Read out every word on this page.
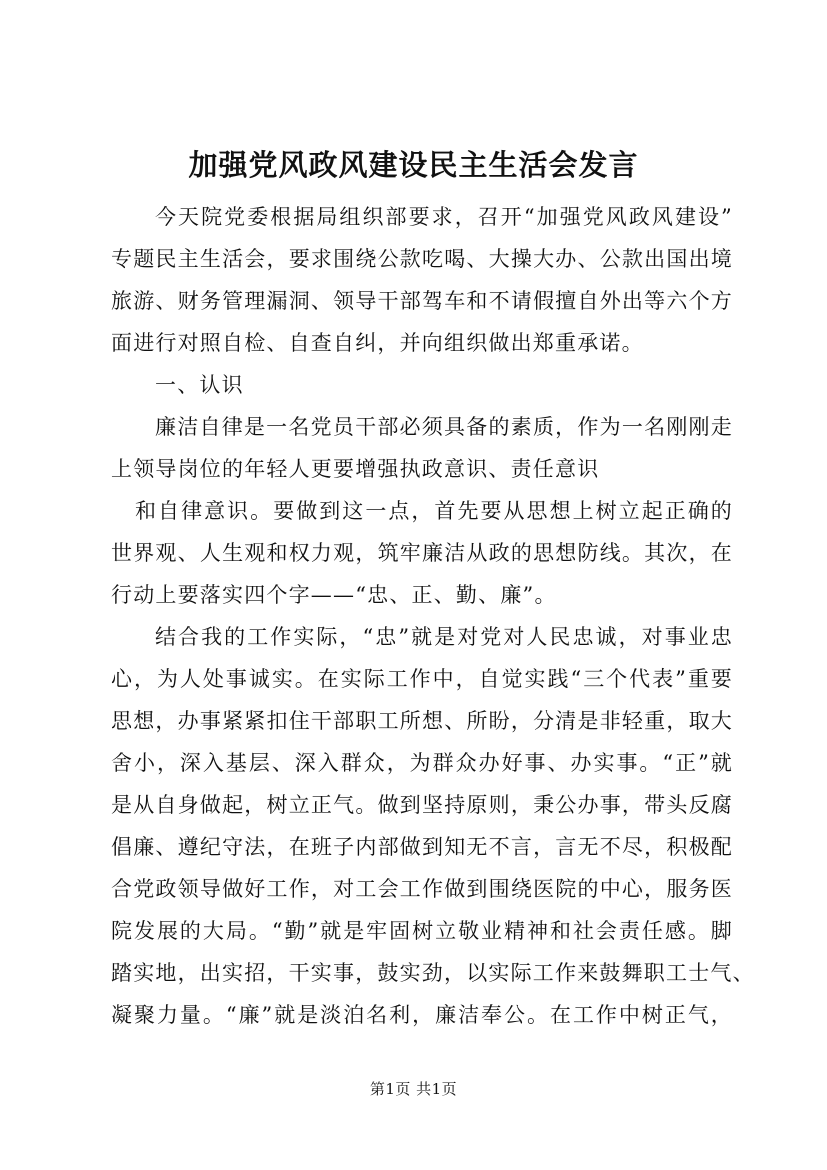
加强党风政风建设民主生活会发言
今天院党委根据局组织部要求，召开“加强党风政风建设”
专题民主生活会，要求围绕公款吃喝、大操大办、公款出国出境
旅游、财务管理漏洞、领导干部驾车和不请假擅自外出等六个方
面进行对照自检、自查自纠，并向组织做出郑重承诺。
一、认识
廉洁自律是一名党员干部必须具备的素质，作为一名刚刚走
上领导岗位的年轻人更要增强执政意识、责任意识
和自律意识。要做到这一点，首先要从思想上树立起正确的
世界观、人生观和权力观，筑牢廉洁从政的思想防线。其次，在
行动上要落实四个字——“忠、正、勤、廉”。
结合我的工作实际，“忠”就是对党对人民忠诚，对事业忠
心，为人处事诚实。在实际工作中，自觉实践“三个代表”重要
思想，办事紧紧扣住干部职工所想、所盼，分清是非轻重，取大
舍小，深入基层、深入群众，为群众办好事、办实事。“正”就
是从自身做起，树立正气。做到坚持原则，秉公办事，带头反腐
倡廉、遵纪守法，在班子内部做到知无不言，言无不尽，积极配
合党政领导做好工作，对工会工作做到围绕医院的中心，服务医
院发展的大局。“勤”就是牢固树立敬业精神和社会责任感。脚
踏实地，出实招，干实事，鼓实劲，以实际工作来鼓舞职工士气、
凝聚力量。“廉”就是淡泊名利，廉洁奉公。在工作中树正气，
第1页 共1页
